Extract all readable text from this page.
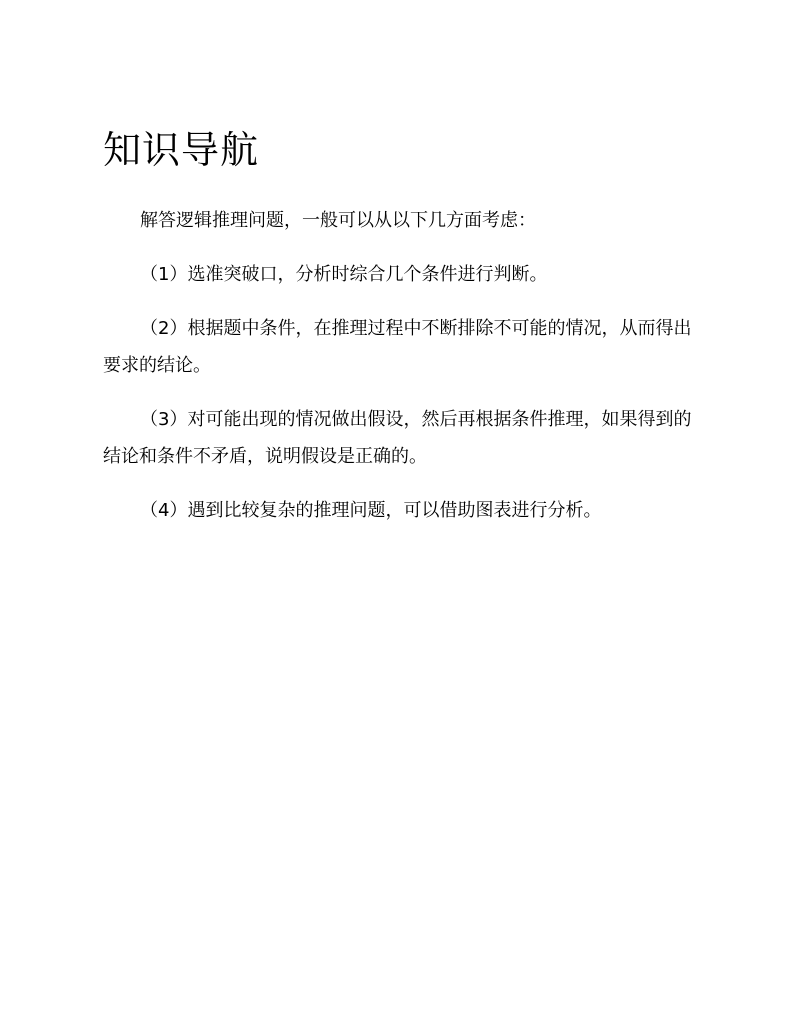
知识导航

解答逻辑推理问题，一般可以从以下几方面考虑：

（1）选准突破口，分析时综合几个条件进行判断。

（2）根据题中条件，在推理过程中不断排除不可能的情况，从而得出要求的结论。

（3）对可能出现的情况做出假设，然后再根据条件推理，如果得到的结论和条件不矛盾，说明假设是正确的。

（4）遇到比较复杂的推理问题，可以借助图表进行分析。
